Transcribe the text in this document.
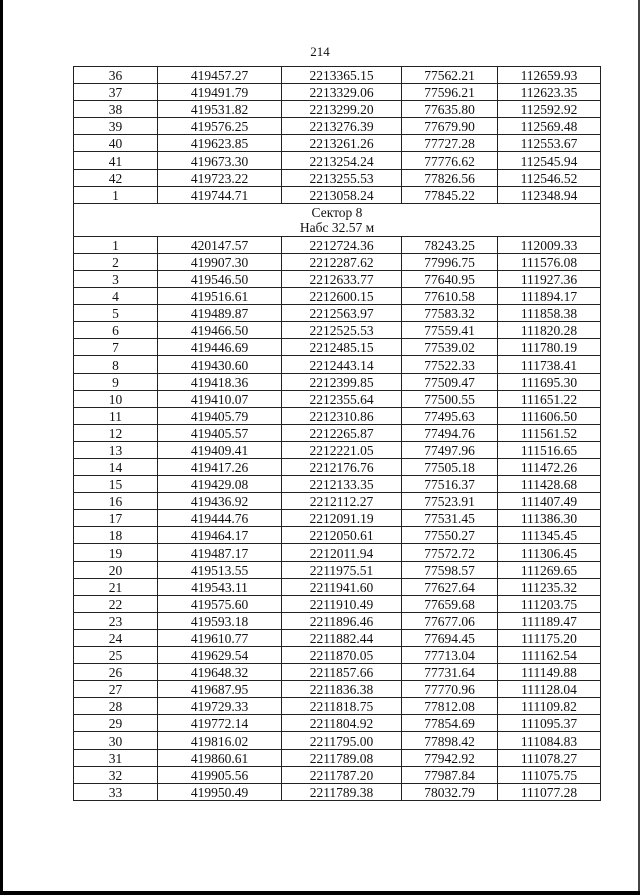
214
36	419457.27	2213365.15	77562.21	112659.93
37	419491.79	2213329.06	77596.21	112623.35
38	419531.82	2213299.20	77635.80	112592.92
39	419576.25	2213276.39	77679.90	112569.48
40	419623.85	2213261.26	77727.28	112553.67
41	419673.30	2213254.24	77776.62	112545.94
42	419723.22	2213255.53	77826.56	112546.52
1	419744.71	2213058.24	77845.22	112348.94

Сектор 8
Набс 32.57 м				

1	420147.57	2212724.36	78243.25	112009.33
2	419907.30	2212287.62	77996.75	111576.08
3	419546.50	2212633.77	77640.95	111927.36
4	419516.61	2212600.15	77610.58	111894.17
5	419489.87	2212563.97	77583.32	111858.38
6	419466.50	2212525.53	77559.41	111820.28
7	419446.69	2212485.15	77539.02	111780.19
8	419430.60	2212443.14	77522.33	111738.41
9	419418.36	2212399.85	77509.47	111695.30
10	419410.07	2212355.64	77500.55	111651.22
11	419405.79	2212310.86	77495.63	111606.50
12	419405.57	2212265.87	77494.76	111561.52
13	419409.41	2212221.05	77497.96	111516.65
14	419417.26	2212176.76	77505.18	111472.26
15	419429.08	2212133.35	77516.37	111428.68
16	419436.92	2212112.27	77523.91	111407.49
17	419444.76	2212091.19	77531.45	111386.30
18	419464.17	2212050.61	77550.27	111345.45
19	419487.17	2212011.94	77572.72	111306.45
20	419513.55	2211975.51	77598.57	111269.65
21	419543.11	2211941.60	77627.64	111235.32
22	419575.60	2211910.49	77659.68	111203.75
23	419593.18	2211896.46	77677.06	111189.47
24	419610.77	2211882.44	77694.45	111175.20
25	419629.54	2211870.05	77713.04	111162.54
26	419648.32	2211857.66	77731.64	111149.88
27	419687.95	2211836.38	77770.96	111128.04
28	419729.33	2211818.75	77812.08	111109.82
29	419772.14	2211804.92	77854.69	111095.37
30	419816.02	2211795.00	77898.42	111084.83
31	419860.61	2211789.08	77942.92	111078.27
32	419905.56	2211787.20	77987.84	111075.75
33	419950.49	2211789.38	78032.79	111077.28
